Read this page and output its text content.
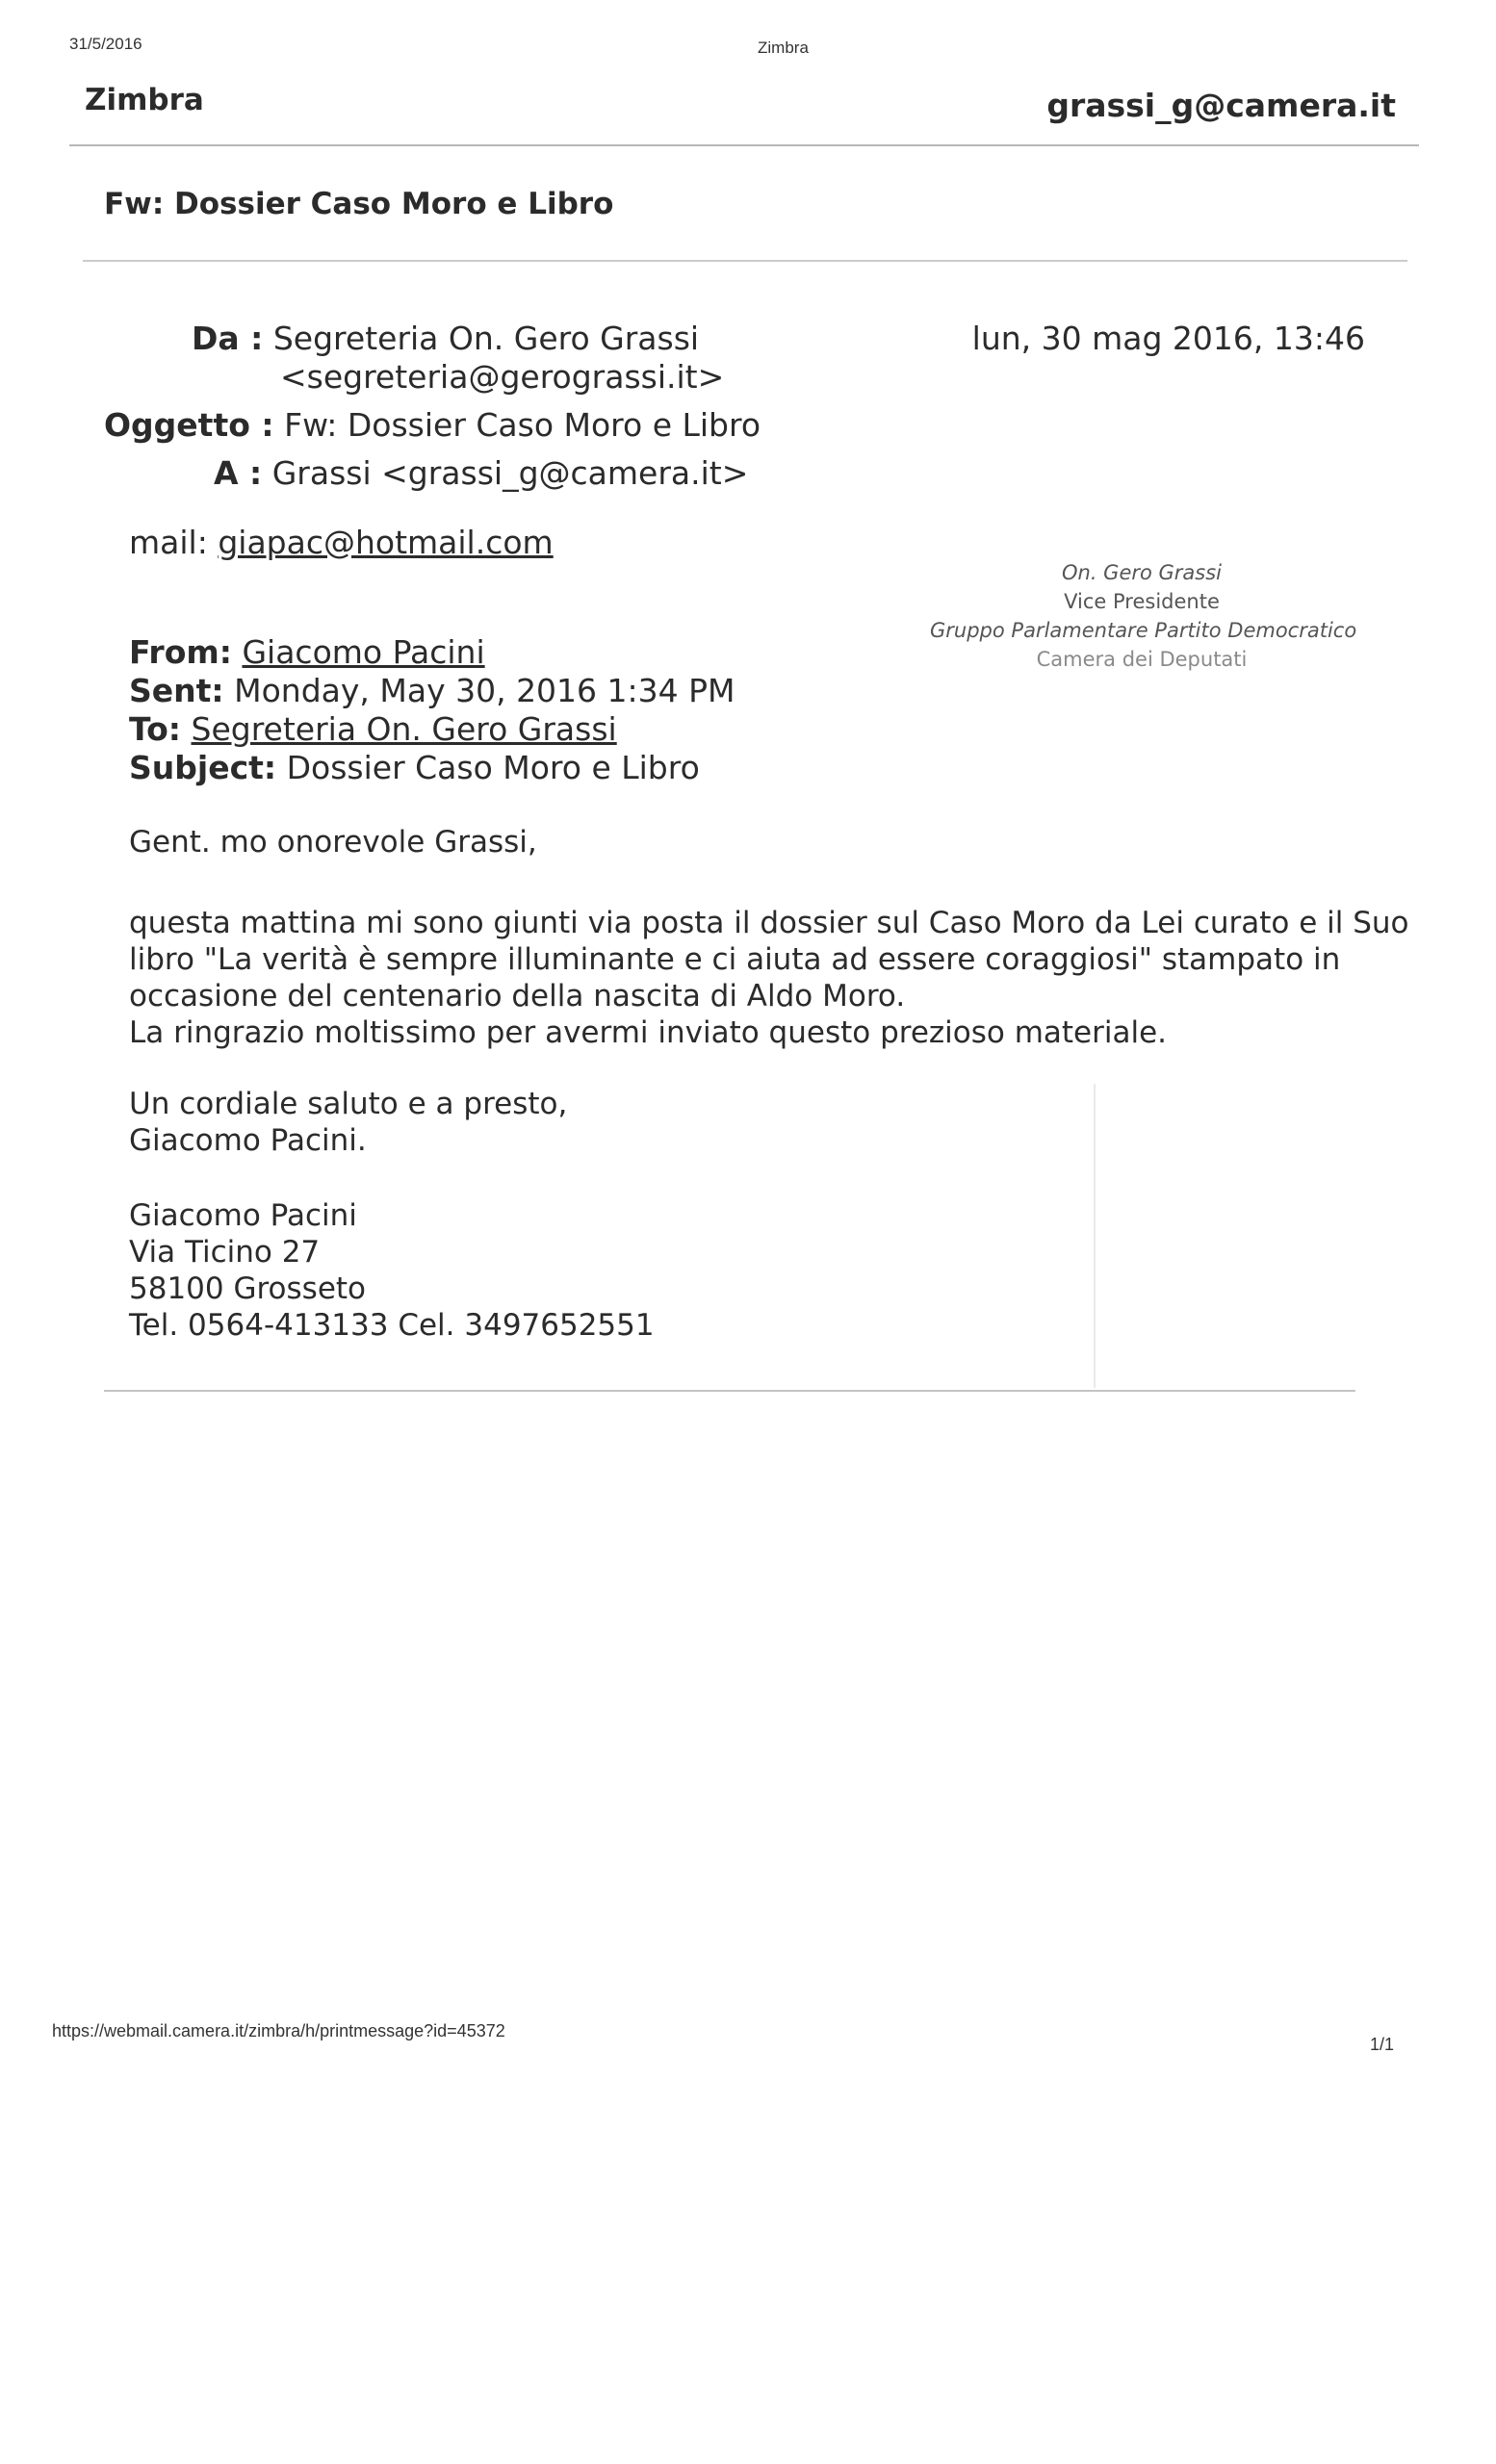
31/5/2016	Zimbra
Zimbra	grassi_g@camera.it
Fw: Dossier Caso Moro e Libro
Da : Segreteria On. Gero Grassi
<segreteria@gerograssi.it>
Oggetto : Fw: Dossier Caso Moro e Libro
A : Grassi <grassi_g@camera.it>
lun, 30 mag 2016, 13:46
mail: giapac@hotmail.com
On. Gero Grassi
Vice Presidente
Gruppo Parlamentare Partito Democratico
Camera dei Deputati
From: Giacomo Pacini
Sent: Monday, May 30, 2016 1:34 PM
To: Segreteria On. Gero Grassi
Subject: Dossier Caso Moro e Libro
Gent. mo onorevole Grassi,
questa mattina mi sono giunti via posta il dossier sul Caso Moro da Lei curato e il Suo
libro "La verità è sempre illuminante e ci aiuta ad essere coraggiosi" stampato in
occasione del centenario della nascita di Aldo Moro.
La ringrazio moltissimo per avermi inviato questo prezioso materiale.
Un cordiale saluto e a presto,
Giacomo Pacini.
Giacomo Pacini
Via Ticino 27
58100 Grosseto
Tel. 0564-413133 Cel. 3497652551
https://webmail.camera.it/zimbra/h/printmessage?id=45372
1/1
